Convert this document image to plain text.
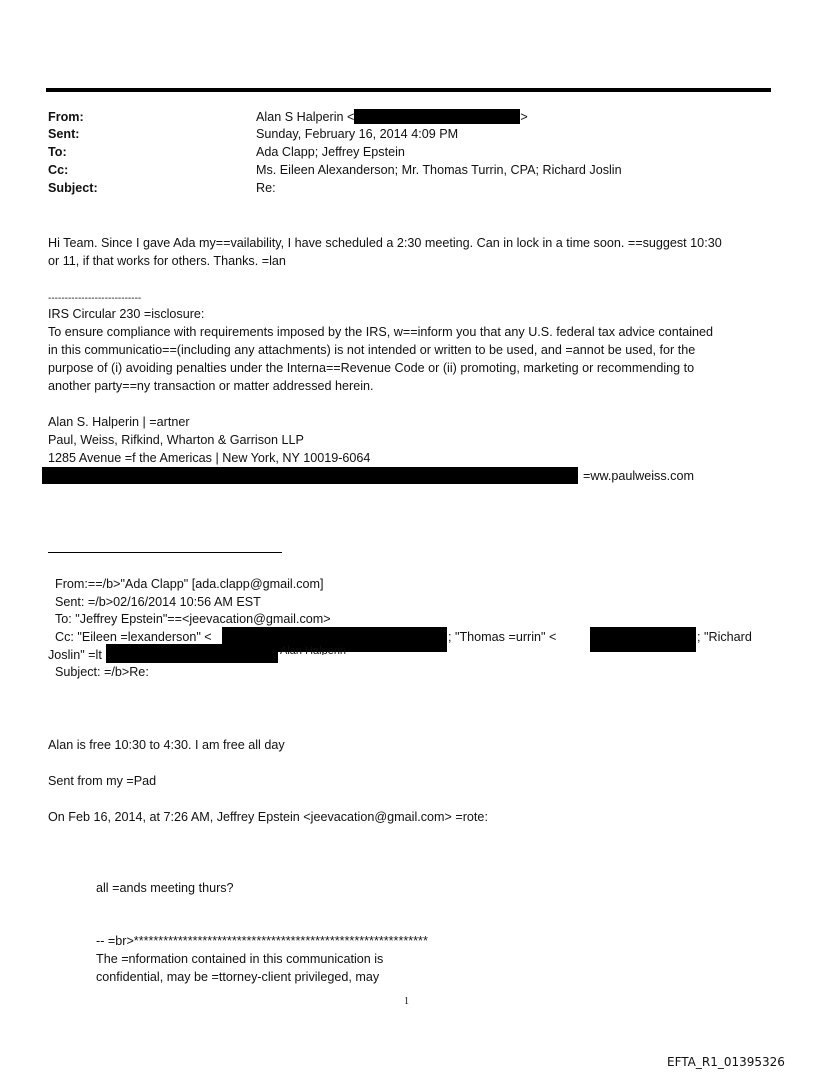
From:	Alan S Halperin <	>
Sent:	Sunday, February 16, 2014 4:09 PM
To:	Ada Clapp; Jeffrey Epstein
Cc:	Ms. Eileen Alexanderson; Mr. Thomas Turrin, CPA; Richard Joslin
Subject:	Re:
Hi Team. Since I gave Ada my==vailability, I have scheduled a 2:30 meeting. Can in lock in a time soon. ==suggest 10:30
or 11, if that works for others. Thanks. =lan
----------------------------
IRS Circular 230 =isclosure:
To ensure compliance with requirements imposed by the IRS, w==inform you that any U.S. federal tax advice contained
in this communicatio==(including any attachments) is not intended or written to be used, and =annot be used, for the
purpose of (i) avoiding penalties under the Interna==Revenue Code or (ii) promoting, marketing or recommending to
another party==ny transaction or matter addressed herein.
Alan S. Halperin | =artner
Paul, Weiss, Rifkind, Wharton & Garrison LLP
1285 Avenue =f the Americas | New York, NY 10019-6064
=ww.paulweiss.com
From:==/b>"Ada Clapp" [ada.clapp@gmail.com]
Sent: =/b>02/16/2014 10:56 AM EST
To: "Jeffrey Epstein"==<jeevacation@gmail.com>
Cc: "Eileen =lexanderson" <	; "Thomas =urrin" <	; "Richard
Joslin" =lt	Alan Halperin
Subject: =/b>Re:
Alan is free 10:30 to 4:30. I am free all day
Sent from my =Pad
On Feb 16, 2014, at 7:26 AM, Jeffrey Epstein <jeevacation@gmail.com> =rote:
all =ands meeting thurs?
-- =br>************************************************************
The =nformation contained in this communication is
confidential, may be =ttorney-client privileged, may
1
EFTA_R1_01395326
